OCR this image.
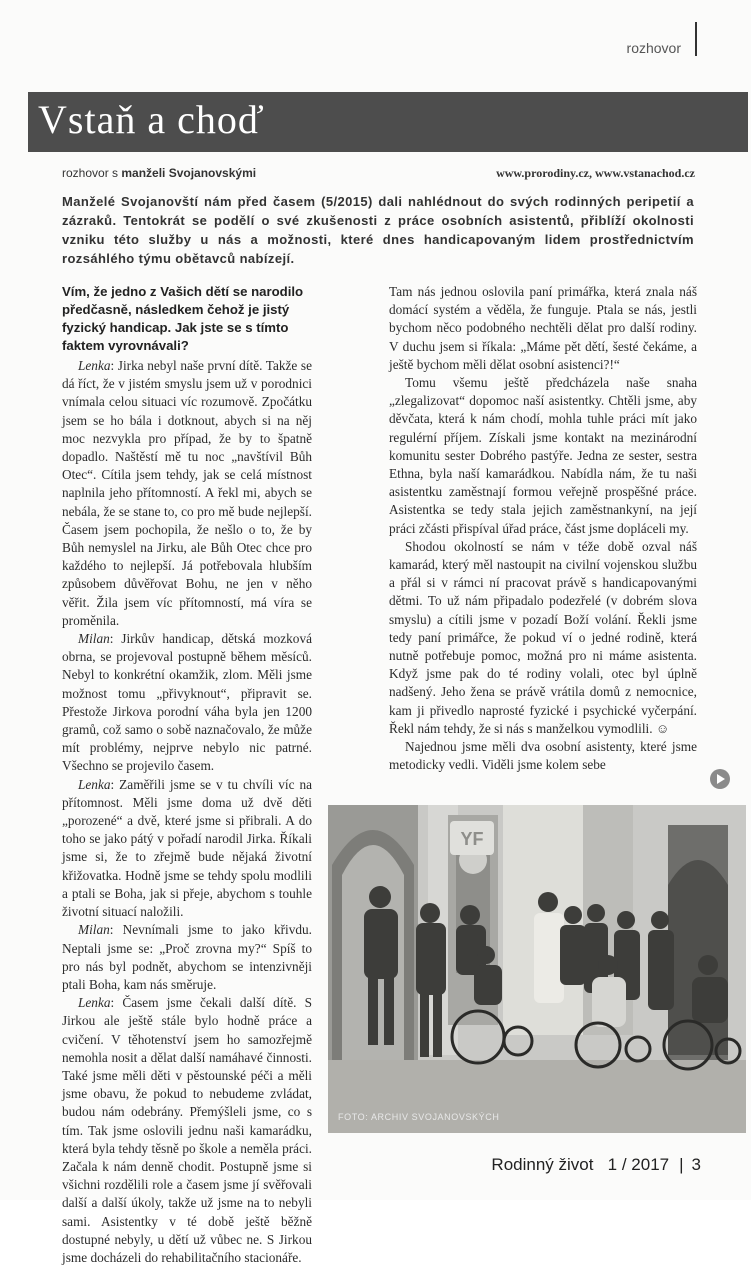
rozhovor
Vstaň a choď
rozhovor s manželi Svojanovskými	www.prorodiny.cz, www.vstanachod.cz
Manželé Svojanovští nám před časem (5/2015) dali nahlédnout do svých rodinných peripetií a zázraků. Tentokrát se podělí o své zkušenosti z práce osobních asistentů, přiblíží okolnosti vzniku této služby u nás a možnosti, které dnes handicapovaným lidem prostřednictvím rozsáhlého týmu obětavců nabízejí.

Vím, že jedno z Vašich dětí se narodilo předčasně, následkem čehož je jistý fyzický handicap. Jak jste se s tímto faktem vyrovnávali?

Lenka: Jirka nebyl naše první dítě. Takže se dá říct, že v jistém smyslu jsem už v porodnici vnímala celou situaci víc rozumově. Zpočátku jsem se ho bála i dotknout, abych si na něj moc nezvykla pro případ, že by to špatně dopadlo. Naštěstí mě tu noc „navštívil Bůh Otec“. Cítila jsem tehdy, jak se celá místnost naplnila jeho přítomností. A řekl mi, abych se nebála, že se stane to, co pro mě bude nejlepší. Časem jsem pochopila, že nešlo o to, že by Bůh nemyslel na Jirku, ale Bůh Otec chce pro každého to nejlepší. Já potřebovala hlubším způsobem důvěřovat Bohu, ne jen v něho věřit. Žila jsem víc přítomností, má víra se proměnila.

Milan: Jirkův handicap, dětská mozková obrna, se projevoval postupně během měsíců. Nebyl to konkrétní okamžik, zlom. Měli jsme možnost tomu „přivyknout“, připravit se. Přestože Jirkova porodní váha byla jen 1200 gramů, což samo o sobě naznačovalo, že může mít problémy, nejprve nebylo nic patrné. Všechno se projevilo časem.

Lenka: Zaměřili jsme se v tu chvíli víc na přítomnost. Měli jsme doma už dvě děti „porozené“ a dvě, které jsme si přibrali. A do toho se jako pátý v pořadí narodil Jirka. Říkali jsme si, že to zřejmě bude nějaká životní křižovatka. Hodně jsme se tehdy spolu modlili a ptali se Boha, jak si přeje, abychom s touhle životní situací naložili.

Milan: Nevnímali jsme to jako křivdu. Neptali jsme se: „Proč zrovna my?“ Spíš to pro nás byl podnět, abychom se intenzivněji ptali Boha, kam nás směruje.

Lenka: Časem jsme čekali další dítě. S Jirkou ale ještě stále bylo hodně práce a cvičení. V těhotenství jsem ho samozřejmě nemohla nosit a dělat další namáhavé činnosti. Také jsme měli děti v pěstounské péči a měli jsme obavu, že pokud to nebudeme zvládat, budou nám odebrány. Přemýšleli jsme, co s tím. Tak jsme oslovili jednu naši kamarádku, která byla tehdy těsně po škole a neměla práci. Začala k nám denně chodit. Postupně jsme si všichni rozdělili role a časem jsme jí svěřovali další a další úkoly, takže už jsme na to nebyli sami. Asistentky v té době ještě běžně dostupné nebyly, u dětí už vůbec ne. S Jirkou jsme docházeli do rehabilitačního stacionáře.

Tam nás jednou oslovila paní primářka, která znala náš domácí systém a věděla, že funguje. Ptala se nás, jestli bychom něco podobného nechtěli dělat pro další rodiny. V duchu jsem si říkala: „Máme pět dětí, šesté čekáme, a ještě bychom měli dělat osobní asistenci?!“

Tomu všemu ještě předcházela naše snaha „zlegalizovat“ dopomoc naší asistentky. Chtěli jsme, aby děvčata, která k nám chodí, mohla tuhle práci mít jako regulérní příjem. Získali jsme kontakt na mezinárodní komunitu sester Dobrého pastýře. Jedna ze sester, sestra Ethna, byla naší kamarádkou. Nabídla nám, že tu naši asistentku zaměstnají formou veřejně prospěšné práce. Asistentka se tedy stala jejich zaměstnankyní, na její práci zčásti přispíval úřad práce, část jsme dopláceli my.

Shodou okolností se nám v téže době ozval náš kamarád, který měl nastoupit na civilní vojenskou službu a přál si v rámci ní pracovat právě s handicapovanými dětmi. To už nám připadalo podezřelé (v dobrém slova smyslu) a cítili jsme v pozadí Boží volání. Řekli jsme tedy paní primářce, že pokud ví o jedné rodině, která nutně potřebuje pomoc, možná pro ni máme asistenta. Když jsme pak do té rodiny volali, otec byl úplně nadšený. Jeho žena se právě vrátila domů z nemocnice, kam ji přivedlo naprosté fyzické i psychické vyčerpání. Řekl nám tehdy, že si nás s manželkou vymodlili. ☺

Najednou jsme měli dva osobní asistenty, které jsme metodicky vedli. Viděli jsme kolem sebe

YF
FOTO: ARCHIV SVOJANOVSKÝCH
Rodinný život 1 / 2017 | 3
